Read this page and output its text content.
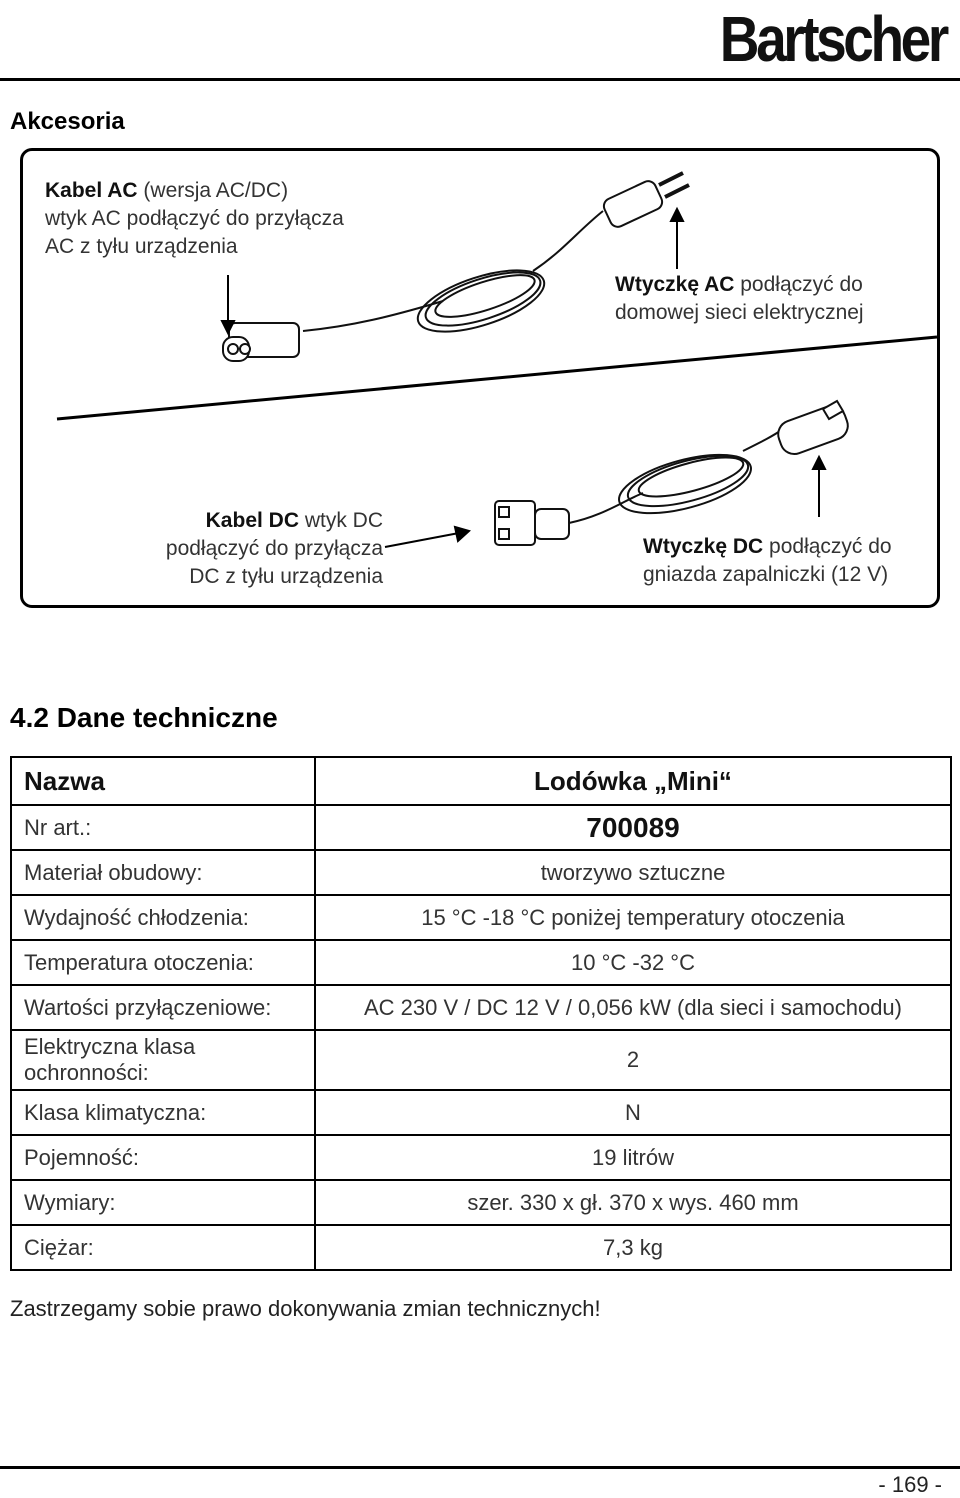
Bartscher
Akcesoria
Kabel AC (wersja AC/DC)
wtyk AC podłączyć do przyłącza
AC z tyłu urządzenia
Wtyczkę AC podłączyć do
domowej sieci elektrycznej
Kabel DC wtyk DC
podłączyć do przyłącza
DC z tyłu urządzenia
Wtyczkę DC podłączyć do
gniazda zapalniczki (12 V)
4.2 Dane techniczne
Nazwa	Lodówka „Mini“
Nr art.:	700089
Materiał obudowy:	tworzywo sztuczne
Wydajność chłodzenia:	15 °C -18 °C poniżej temperatury otoczenia
Temperatura otoczenia:	10 °C -32 °C
Wartości przyłączeniowe:	AC 230 V / DC 12 V / 0,056 kW (dla sieci i samochodu)
Elektryczna klasa ochronności:	2
Klasa klimatyczna:	N
Pojemność:	19 litrów
Wymiary:	szer. 330 x gł. 370 x wys. 460 mm
Ciężar:	7,3 kg
Zastrzegamy sobie prawo dokonywania zmian technicznych!
- 169 -
